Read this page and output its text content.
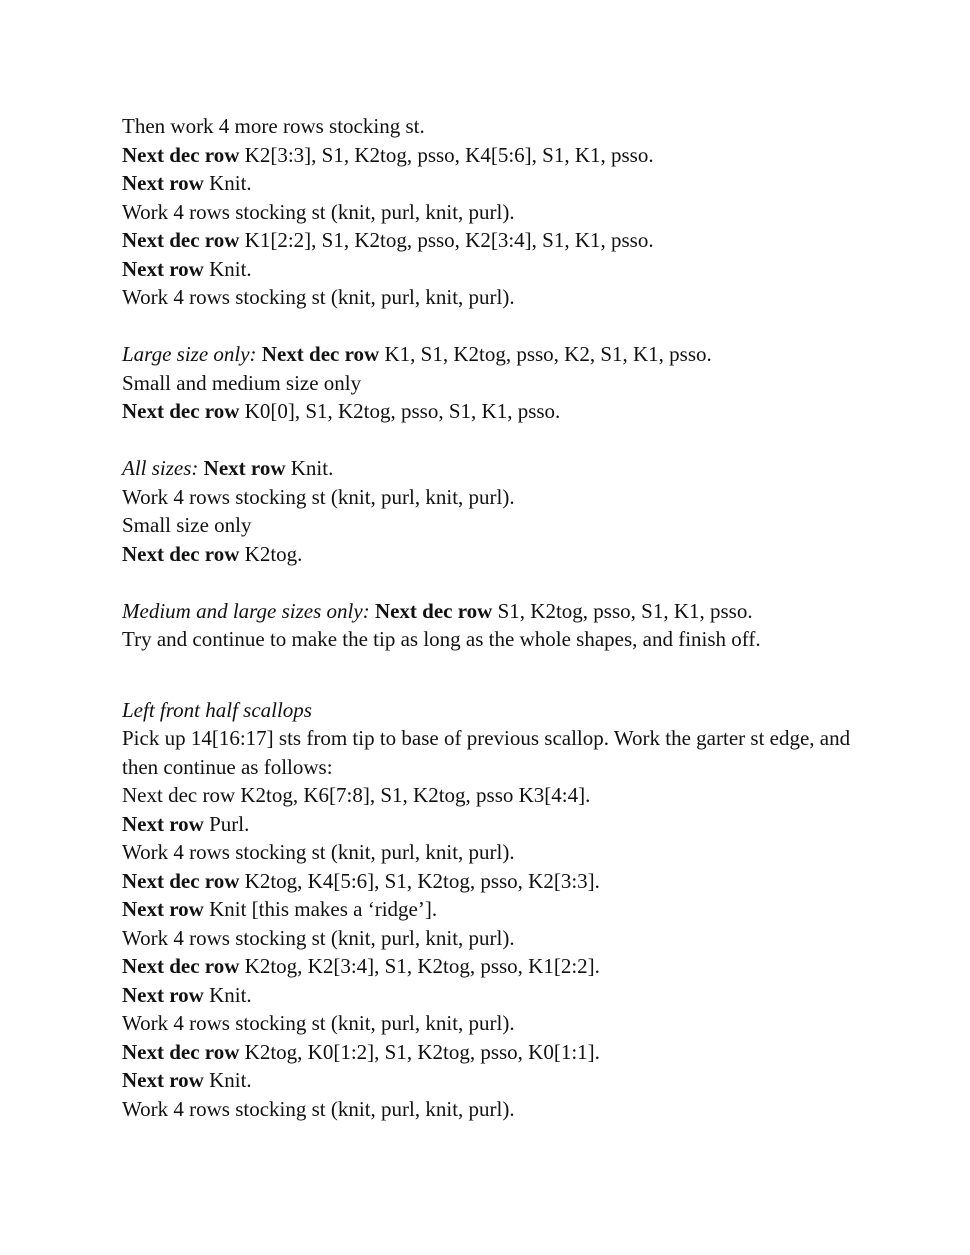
Then work 4 more rows stocking st.
Next dec row K2[3:3], S1, K2tog, psso, K4[5:6], S1, K1, psso.
Next row Knit.
Work 4 rows stocking st (knit, purl, knit, purl).
Next dec row K1[2:2], S1, K2tog, psso, K2[3:4], S1, K1, psso.
Next row Knit.
Work 4 rows stocking st (knit, purl, knit, purl).
Large size only: Next dec row K1, S1, K2tog, psso, K2, S1, K1, psso.
Small and medium size only
Next dec row K0[0], S1, K2tog, psso, S1, K1, psso.
All sizes: Next row Knit.
Work 4 rows stocking st (knit, purl, knit, purl).
Small size only
Next dec row K2tog.
Medium and large sizes only: Next dec row S1, K2tog, psso, S1, K1, psso.
Try and continue to make the tip as long as the whole shapes, and finish off.
Left front half scallops
Pick up 14[16:17] sts from tip to base of previous scallop. Work the garter st edge, and then continue as follows:
Next dec row K2tog, K6[7:8], S1, K2tog, psso K3[4:4].
Next row Purl.
Work 4 rows stocking st (knit, purl, knit, purl).
Next dec row K2tog, K4[5:6], S1, K2tog, psso, K2[3:3].
Next row Knit [this makes a ‘ridge’].
Work 4 rows stocking st (knit, purl, knit, purl).
Next dec row K2tog, K2[3:4], S1, K2tog, psso, K1[2:2].
Next row Knit.
Work 4 rows stocking st (knit, purl, knit, purl).
Next dec row K2tog, K0[1:2], S1, K2tog, psso, K0[1:1].
Next row Knit.
Work 4 rows stocking st (knit, purl, knit, purl).
